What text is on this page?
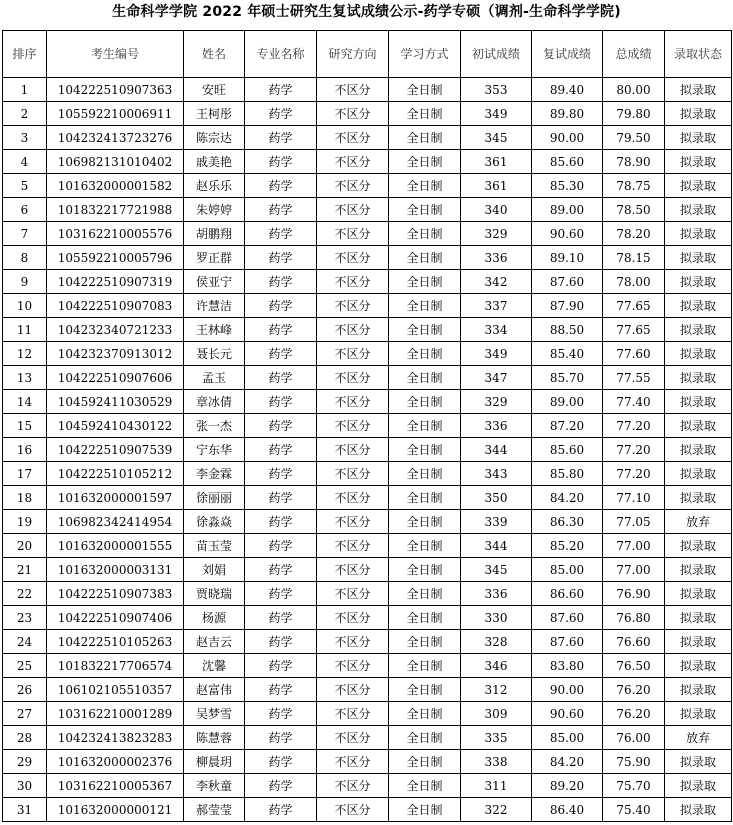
生命科学学院 2022 年硕士研究生复试成绩公示-药学专硕（调剂-生命科学学院)
排序	考生编号	姓名	专业名称	研究方向	学习方式	初试成绩	复试成绩	总成绩	录取状态
1	104222510907363	安旺	药学	不区分	全日制	353	89.40	80.00	拟录取
2	105592210006911	王柯彤	药学	不区分	全日制	349	89.80	79.80	拟录取
3	104232413723276	陈宗达	药学	不区分	全日制	345	90.00	79.50	拟录取
4	106982131010402	戚美艳	药学	不区分	全日制	361	85.60	78.90	拟录取
5	101632000001582	赵乐乐	药学	不区分	全日制	361	85.30	78.75	拟录取
6	101832217721988	朱婷婷	药学	不区分	全日制	340	89.00	78.50	拟录取
7	103162210005576	胡鹏翔	药学	不区分	全日制	329	90.60	78.20	拟录取
8	105592210005796	罗正群	药学	不区分	全日制	336	89.10	78.15	拟录取
9	104222510907319	侯亚宁	药学	不区分	全日制	342	87.60	78.00	拟录取
10	104222510907083	许慧洁	药学	不区分	全日制	337	87.90	77.65	拟录取
11	104232340721233	王林峰	药学	不区分	全日制	334	88.50	77.65	拟录取
12	104232370913012	聂长元	药学	不区分	全日制	349	85.40	77.60	拟录取
13	104222510907606	孟玉	药学	不区分	全日制	347	85.70	77.55	拟录取
14	104592411030529	章冰倩	药学	不区分	全日制	329	89.00	77.40	拟录取
15	104592410430122	张一杰	药学	不区分	全日制	336	87.20	77.20	拟录取
16	104222510907539	宁东华	药学	不区分	全日制	344	85.60	77.20	拟录取
17	104222510105212	李金霖	药学	不区分	全日制	343	85.80	77.20	拟录取
18	101632000001597	徐丽丽	药学	不区分	全日制	350	84.20	77.10	拟录取
19	106982342414954	徐淼焱	药学	不区分	全日制	339	86.30	77.05	放弃
20	101632000001555	苗玉莹	药学	不区分	全日制	344	85.20	77.00	拟录取
21	101632000003131	刘娟	药学	不区分	全日制	345	85.00	77.00	拟录取
22	104222510907383	贾晓瑞	药学	不区分	全日制	336	86.60	76.90	拟录取
23	104222510907406	杨源	药学	不区分	全日制	330	87.60	76.80	拟录取
24	104222510105263	赵吉云	药学	不区分	全日制	328	87.60	76.60	拟录取
25	101832217706574	沈馨	药学	不区分	全日制	346	83.80	76.50	拟录取
26	106102105510357	赵富伟	药学	不区分	全日制	312	90.00	76.20	拟录取
27	103162210001289	吴梦雪	药学	不区分	全日制	309	90.60	76.20	拟录取
28	104232413823283	陈慧蓉	药学	不区分	全日制	335	85.00	76.00	放弃
29	101632000002376	柳晨玥	药学	不区分	全日制	338	84.20	75.90	拟录取
30	103162210005367	李秋童	药学	不区分	全日制	311	89.20	75.70	拟录取
31	101632000000121	郝莹莹	药学	不区分	全日制	322	86.40	75.40	拟录取
